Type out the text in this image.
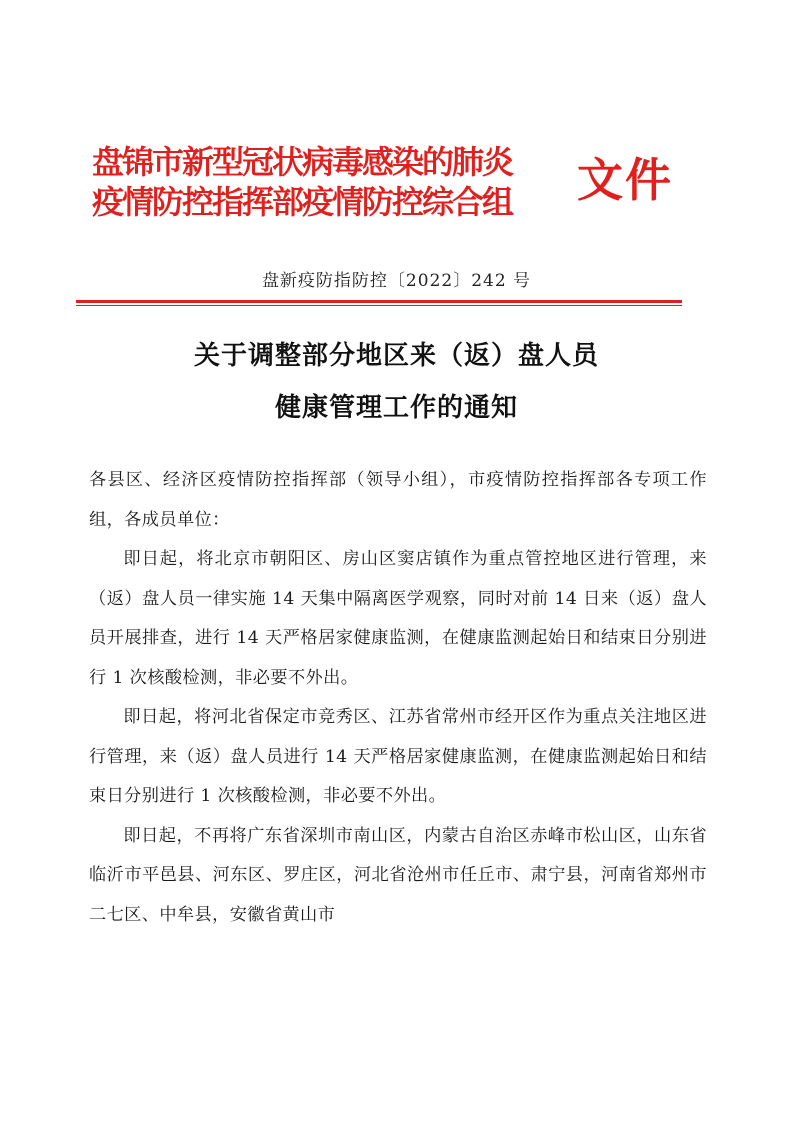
盘锦市新型冠状病毒感染的肺炎
疫情防控指挥部疫情防控综合组 文件
盘新疫防指防控〔2022〕242 号
关于调整部分地区来（返）盘人员
健康管理工作的通知

各县区、经济区疫情防控指挥部（领导小组），市疫情防控指挥部各专项工作组，各成员单位：

即日起，将北京市朝阳区、房山区窦店镇作为重点管控地区进行管理，来（返）盘人员一律实施 14 天集中隔离医学观察，同时对前 14 日来（返）盘人员开展排查，进行 14 天严格居家健康监测，在健康监测起始日和结束日分别进行 1 次核酸检测，非必要不外出。

即日起，将河北省保定市竞秀区、江苏省常州市经开区作为重点关注地区进行管理，来（返）盘人员进行 14 天严格居家健康监测，在健康监测起始日和结束日分别进行 1 次核酸检测，非必要不外出。

即日起，不再将广东省深圳市南山区，内蒙古自治区赤峰市松山区，山东省临沂市平邑县、河东区、罗庄区，河北省沧州市任丘市、肃宁县，河南省郑州市二七区、中牟县，安徽省黄山市
